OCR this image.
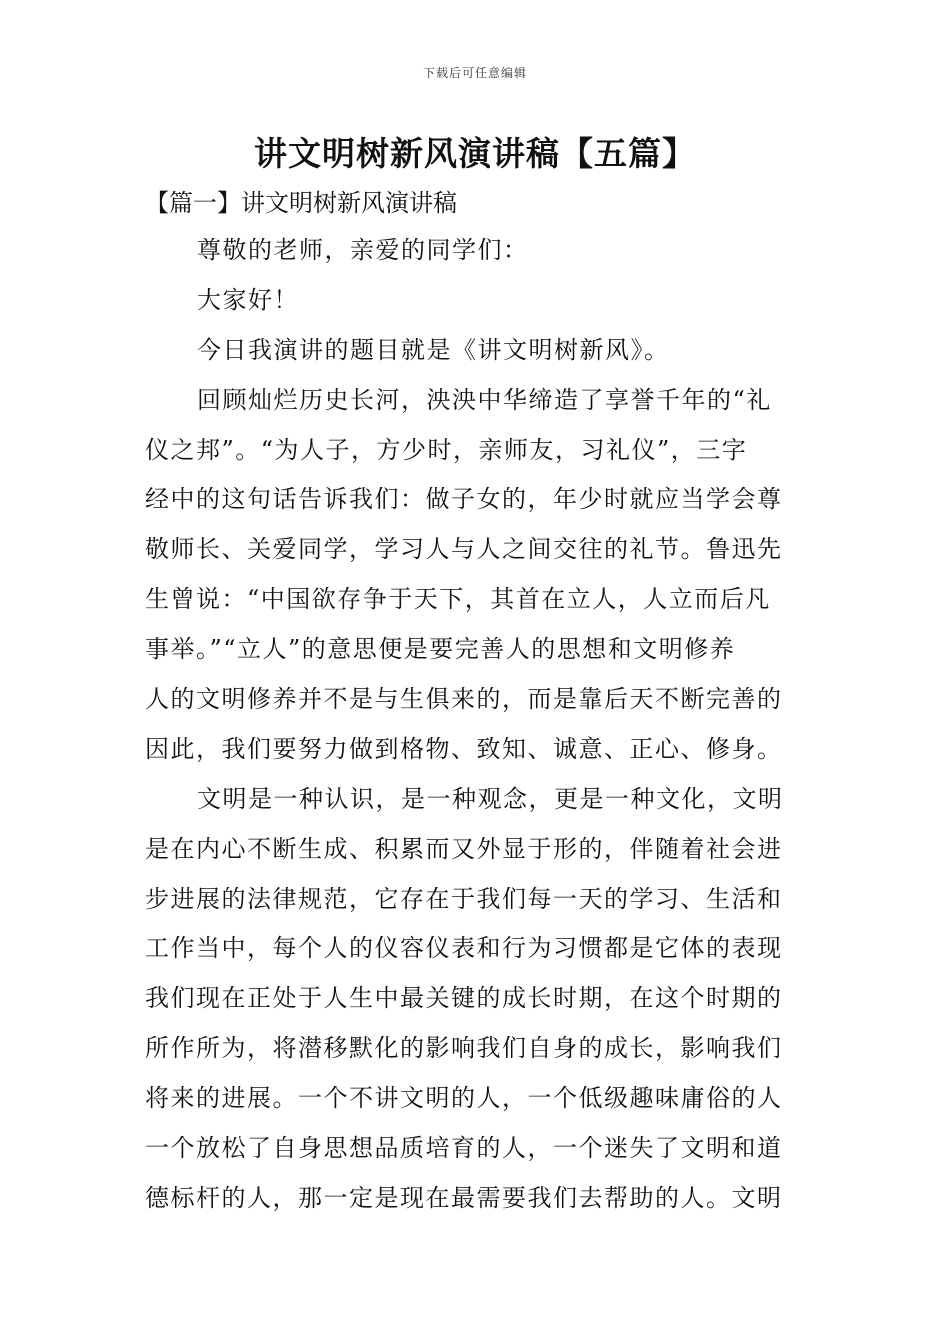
下载后可任意编辑
讲文明树新风演讲稿【五篇】
【篇一】讲文明树新风演讲稿
尊敬的老师，亲爱的同学们：
大家好！
今日我演讲的题目就是《讲文明树新风》。
回顾灿烂历史长河，泱泱中华缔造了享誉千年的“礼
仪之邦”。“为人子，方少时，亲师友，习礼仪”，三字
经中的这句话告诉我们：做子女的，年少时就应当学会尊
敬师长、关爱同学，学习人与人之间交往的礼节。鲁迅先
生曾说：“中国欲存争于天下，其首在立人，人立而后凡
事举。”“立人”的意思便是要完善人的思想和文明修养
人的文明修养并不是与生俱来的，而是靠后天不断完善的
因此，我们要努力做到格物、致知、诚意、正心、修身。
文明是一种认识，是一种观念，更是一种文化，文明
是在内心不断生成、积累而又外显于形的，伴随着社会进
步进展的法律规范，它存在于我们每一天的学习、生活和
工作当中，每个人的仪容仪表和行为习惯都是它体的表现
我们现在正处于人生中最关键的成长时期，在这个时期的
所作所为，将潜移默化的影响我们自身的成长，影响我们
将来的进展。一个不讲文明的人，一个低级趣味庸俗的人
一个放松了自身思想品质培育的人，一个迷失了文明和道
德标杆的人，那一定是现在最需要我们去帮助的人。文明
